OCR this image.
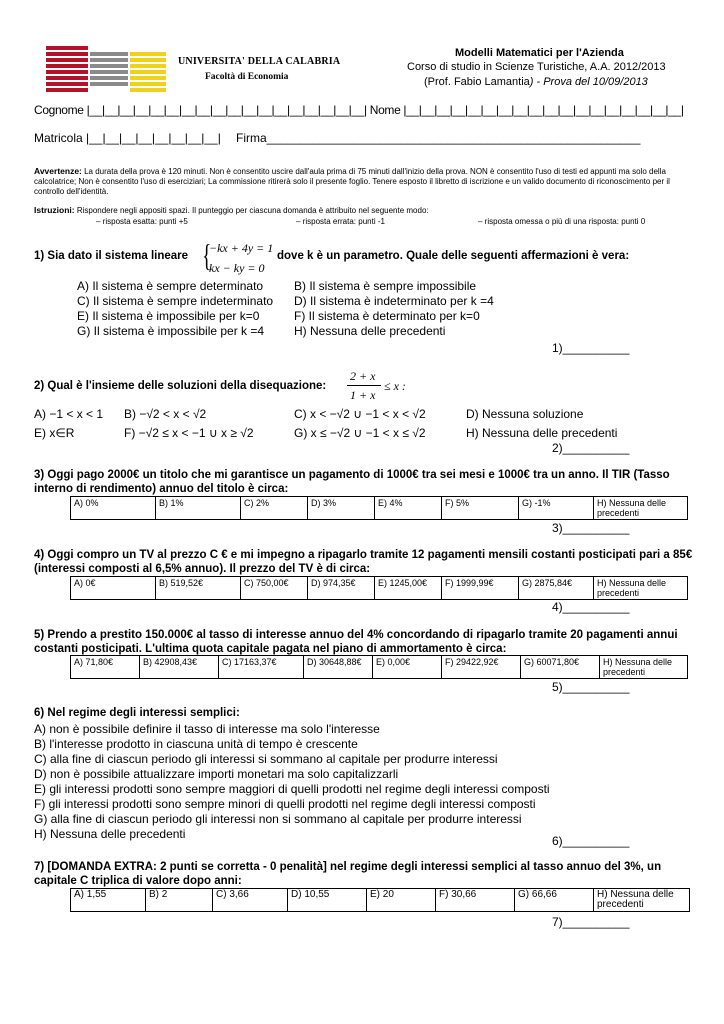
UNIVERSITA' DELLA CALABRIA
Facoltà di Economia
Modelli Matematici per l'Azienda
Corso di studio in Scienze Turistiche, A.A. 2012/2013
(Prof. Fabio Lamantia) - Prova del 10/09/2013
Cognome |__|__|__|__|__|__|__|__|__|__|__|__|__|__|__|__|__|__| Nome |__|__|__|__|__|__|__|__|__|__|__|__|__|__|__|__|__|__|
Matricola |__|__|__|__|__|__|__|__| Firma________________________________________________________
Avvertenze: La durata della prova è 120 minuti. Non è consentito uscire dall'aula prima di 75 minuti dall'inizio della prova. NON è consentito l'uso di testi ed appunti ma solo della calcolatrice; Non è consentito l'uso di eserciziari; La commissione ritirerà solo il presente foglio. Tenere esposto il libretto di iscrizione e un valido documento di riconoscimento per il controllo dell'identità.
Istruzioni: Rispondere negli appositi spazi. Il punteggio per ciascuna domanda è attribuito nel seguente modo:
– risposta esatta: punti +5	– risposta errata: punti -1	– risposta omessa o più di una risposta: punti 0
1) Sia dato il sistema lineare {
−kx + 4y = 1
kx − ky = 0
dove k è un parametro. Quale delle seguenti affermazioni è vera:
A) Il sistema è sempre determinato	B) Il sistema è sempre impossibile
C) Il sistema è sempre indeterminato D) Il sistema è indeterminato per k =4
E) Il sistema è impossibile per k=0	F) Il sistema è determinato per k=0
G) Il sistema è impossibile per k =4 H) Nessuna delle precedenti
1)__________
2) Qual è l'insieme delle soluzioni della disequazione:
2 + x
1 + x
≤ x :
A) −1 < x < 1 B) −√2 < x < √2	C) x < −√2 ∪ −1 < x < √2	D) Nessuna soluzione
E) x∈R	F) −√2 ≤ x < −1 ∪ x ≥ √2	G) x ≤ −√2 ∪ −1 < x ≤ √2	H) Nessuna delle precedenti
2)__________
3) Oggi pago 2000€ un titolo che mi garantisce un pagamento di 1000€ tra sei mesi e 1000€ tra un anno. Il TIR (Tasso interno di rendimento) annuo del titolo è circa:
A) 0%	B) 1%	C) 2%	D) 3%	E) 4%	F) 5%	G) -1%	H) Nessuna delle precedenti
3)__________
4) Oggi compro un TV al prezzo C € e mi impegno a ripagarlo tramite 12 pagamenti mensili costanti posticipati pari a 85€ (interessi composti al 6,5% annuo). Il prezzo del TV è di circa:
A) 0€	B) 519,52€	C) 750,00€	D) 974,35€	E) 1245,00€	F) 1999,99€	G) 2875,84€	H) Nessuna delle precedenti
4)__________
5) Prendo a prestito 150.000€ al tasso di interesse annuo del 4% concordando di ripagarlo tramite 20 pagamenti annui costanti posticipati. L'ultima quota capitale pagata nel piano di ammortamento è circa:
A) 71,80€	B) 42908,43€	C) 17163,37€	D) 30648,88€	E) 0,00€	F) 29422,92€	G) 60071,80€	H) Nessuna delle precedenti
5)__________
6) Nel regime degli interessi semplici:
A) non è possibile definire il tasso di interesse ma solo l'interesse
B) l'interesse prodotto in ciascuna unità di tempo è crescente
C) alla fine di ciascun periodo gli interessi si sommano al capitale per produrre interessi
D) non è possibile attualizzare importi monetari ma solo capitalizzarli
E) gli interessi prodotti sono sempre maggiori di quelli prodotti nel regime degli interessi composti
F) gli interessi prodotti sono sempre minori di quelli prodotti nel regime degli interessi composti
G) alla fine di ciascun periodo gli interessi non si sommano al capitale per produrre interessi
H) Nessuna delle precedenti	6)__________
7) [DOMANDA EXTRA: 2 punti se corretta - 0 penalità] nel regime degli interessi semplici al tasso annuo del 3%, un capitale C triplica di valore dopo anni:
A) 1,55	B) 2	C) 3,66	D) 10,55	E) 20	F) 30,66	G) 66,66	H) Nessuna delle precedenti
7)__________
